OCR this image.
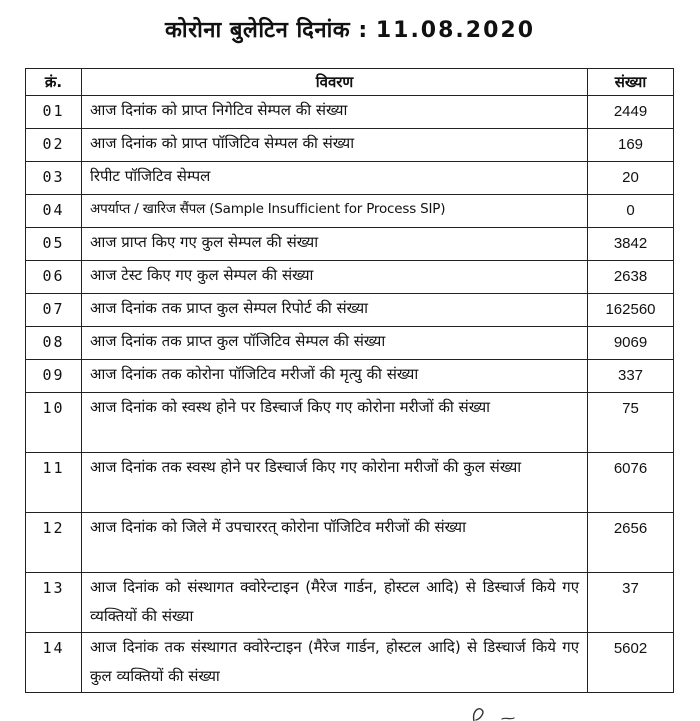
कोरोना बुलेटिन दिनांक : 11.08.2020
क्रं.	विवरण	संख्या
01	आज दिनांक को प्राप्त निगेटिव सेम्पल की संख्या	2449
02	आज दिनांक को प्राप्त पॉजिटिव सेम्पल की संख्या	169
03	रिपीट पॉजिटिव सेम्पल	20
04	अपर्याप्त / खारिज सैंपल (Sample Insufficient for Process SIP)	0
05	आज प्राप्त किए गए कुल सेम्पल की संख्या	3842
06	आज टेस्ट किए गए कुल सेम्पल की संख्या	2638
07	आज दिनांक तक प्राप्त कुल सेम्पल रिपोर्ट की संख्या	162560
08	आज दिनांक तक प्राप्त कुल पॉजिटिव सेम्पल की संख्या	9069
09	आज दिनांक तक कोरोना पॉजिटिव मरीजों की मृत्यु की संख्या	337
10	आज दिनांक को स्वस्थ होने पर डिस्चार्ज किए गए कोरोना मरीजों की संख्या	75
11	आज दिनांक तक स्वस्थ होने पर डिस्चार्ज किए गए कोरोना मरीजों की कुल संख्या	6076
12	आज दिनांक को जिले में उपचाररत् कोरोना पॉजिटिव मरीजों की संख्या	2656
13	आज दिनांक को संस्थागत क्वोरेन्टाइन (मैरेज गार्डन, होस्टल आदि) से डिस्चार्ज किये गए व्यक्तियों की संख्या	37
14	आज दिनांक तक संस्थागत क्वोरेन्टाइन (मैरेज गार्डन, होस्टल आदि) से डिस्चार्ज किये गए कुल व्यक्तियों की संख्या	5602
